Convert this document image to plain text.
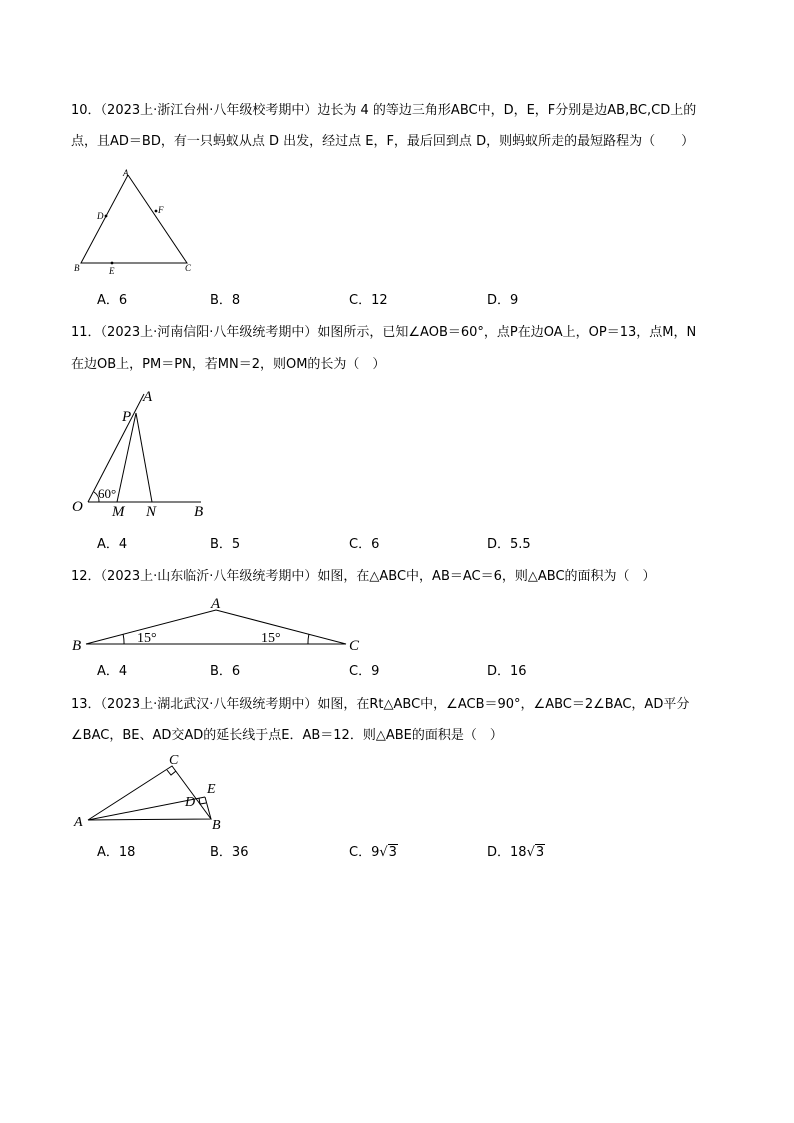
10．（2023上·浙江台州·八年级校考期中）边长为 4 的等边三角形ABC中，D，E，F分别是边AB,BC,CD上的
点，且AD＝BD，有一只蚂蚁从点 D 出发，经过点 E，F，最后回到点 D，则蚂蚁所走的最短路程为（　　）
A
D
F
B	E	C
A．6	B．8	C．12	D．9
11．（2023上·河南信阳·八年级统考期中）如图所示，已知∠AOB＝60°，点P在边OA上，OP＝13，点M，N
在边OB上，PM＝PN，若MN＝2，则OM的长为（　）
A
P
60°
O M N	B
A．4	B．5	C．6	D．5.5
12．（2023上·山东临沂·八年级统考期中）如图，在△ABC中，AB＝AC＝6，则△ABC的面积为（　）
A
B	C
15°	15°
A．4	B．6	C．9	D．16
13．（2023上·湖北武汉·八年级统考期中）如图，在Rt△ABC中，∠ACB＝90°，∠ABC＝2∠BAC，AD平分
∠BAC，BE、AD交AD的延长线于点E．AB＝12．则△ABE的面积是（　）
C
E
D
A	B
A．18	B．36	C．9√3	D．18√3
